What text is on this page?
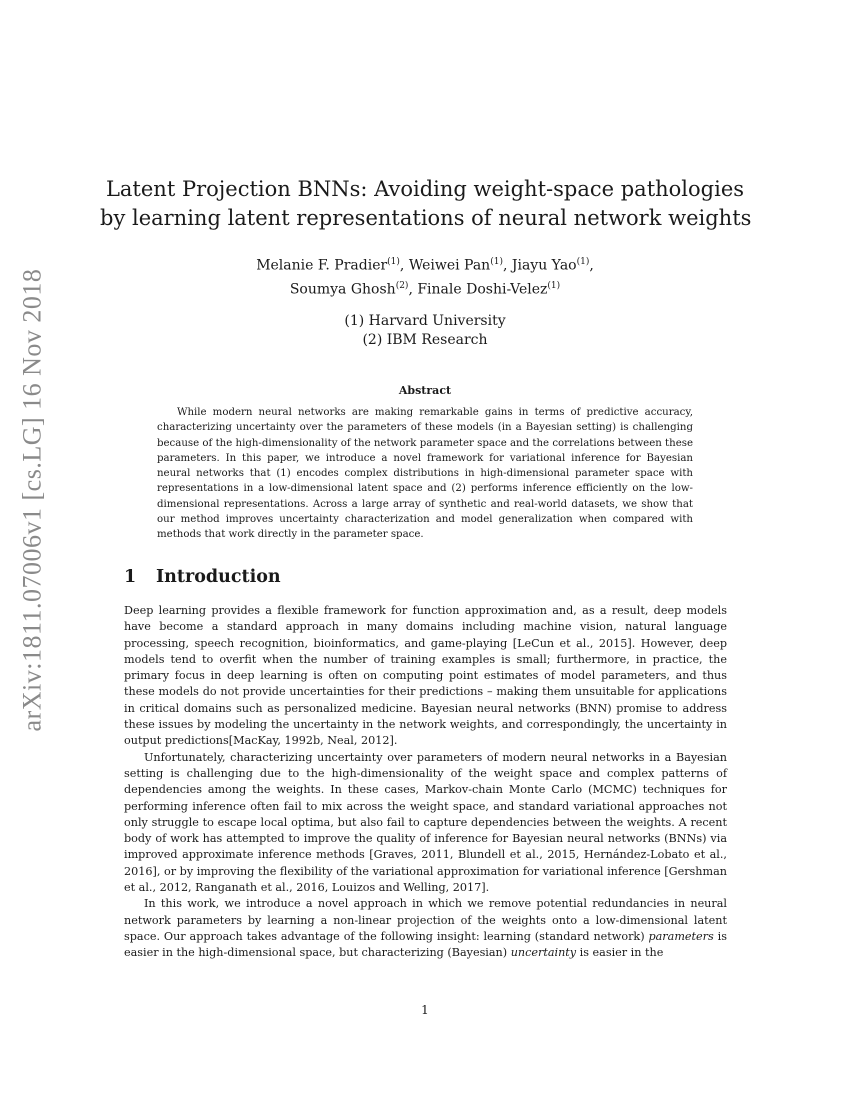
arXiv:1811.07006v1 [cs.LG] 16 Nov 2018
Latent Projection BNNs: Avoiding weight-space pathologies
by learning latent representations of neural network weights
Melanie F. Pradier$^{(1)}$, Weiwei Pan$^{(1)}$, Jiayu Yao$^{(1)}$,
Soumya Ghosh$^{(2)}$, Finale Doshi-Velez$^{(1)}$
(1) Harvard University
(2) IBM Research
Abstract

While modern neural networks are making remarkable gains in terms of predictive accuracy, characterizing uncertainty over the parameters of these models (in a Bayesian setting) is challenging because of the high-dimensionality of the network parameter space and the correlations between these parameters. In this paper, we introduce a novel framework for variational inference for Bayesian neural networks that (1) encodes complex distributions in high-dimensional parameter space with representations in a low-dimensional latent space and (2) performs inference efficiently on the low-dimensional representations. Across a large array of synthetic and real-world datasets, we show that our method improves uncertainty characterization and model generalization when compared with methods that work directly in the parameter space.

1 Introduction

Deep learning provides a flexible framework for function approximation and, as a result, deep models have become a standard approach in many domains including machine vision, natural language processing, speech recognition, bioinformatics, and game-playing [LeCun et al., 2015]. However, deep models tend to overfit when the number of training examples is small; furthermore, in practice, the primary focus in deep learning is often on computing point estimates of model parameters, and thus these models do not provide uncertainties for their predictions – making them unsuitable for applications in critical domains such as personalized medicine. Bayesian neural networks (BNN) promise to address these issues by modeling the uncertainty in the network weights, and correspondingly, the uncertainty in output predictions[MacKay, 1992b, Neal, 2012].

Unfortunately, characterizing uncertainty over parameters of modern neural networks in a Bayesian setting is challenging due to the high-dimensionality of the weight space and complex patterns of dependencies among the weights. In these cases, Markov-chain Monte Carlo (MCMC) techniques for performing inference often fail to mix across the weight space, and standard variational approaches not only struggle to escape local optima, but also fail to capture dependencies between the weights. A recent body of work has attempted to improve the quality of inference for Bayesian neural networks (BNNs) via improved approximate inference methods [Graves, 2011, Blundell et al., 2015, Hernández-Lobato et al., 2016], or by improving the flexibility of the variational approximation for variational inference [Gershman et al., 2012, Ranganath et al., 2016, Louizos and Welling, 2017].

In this work, we introduce a novel approach in which we remove potential redundancies in neural network parameters by learning a non-linear projection of the weights onto a low-dimensional latent space. Our approach takes advantage of the following insight: learning (standard network) parameters is easier in the high-dimensional space, but characterizing (Bayesian) uncertainty is easier in the

1
